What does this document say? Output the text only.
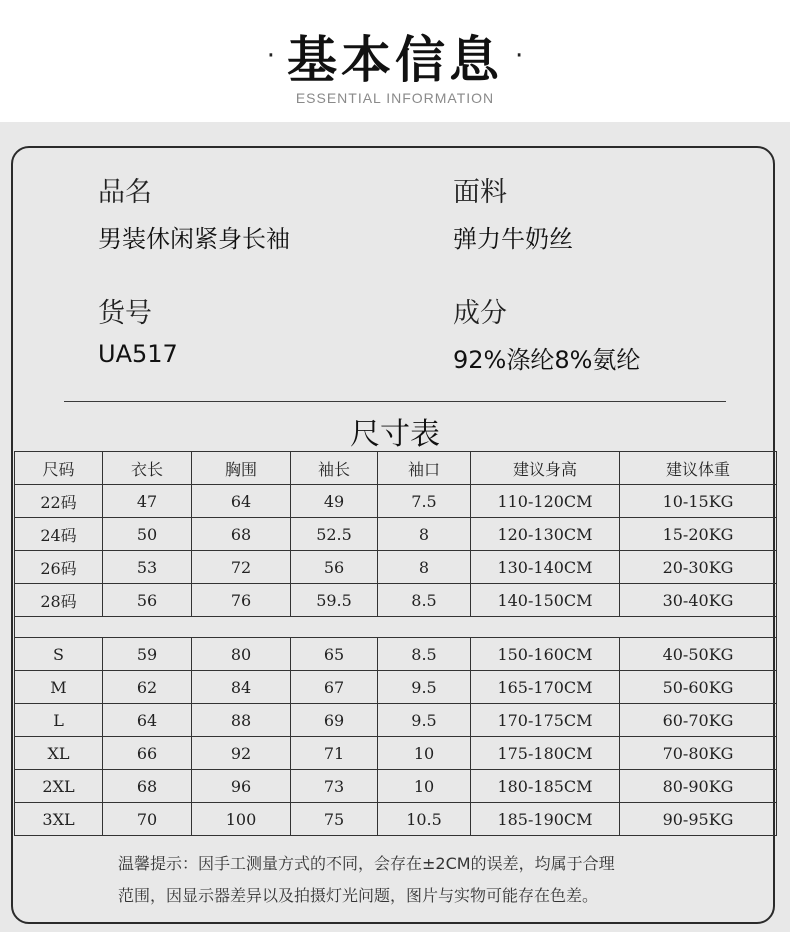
· 基本信息 ·
ESSENTIAL INFORMATION
品名
男装休闲紧身长袖
面料
弹力牛奶丝
货号
UA517
成分
92%涤纶8%氨纶
尺寸表
尺码	衣长	胸围	袖长	袖口	建议身高	建议体重
22码	47	64	49	7.5	110-120CM	10-15KG
24码	50	68	52.5	8	120-130CM	15-20KG
26码	53	72	56	8	130-140CM	20-30KG
28码	56	76	59.5	8.5	140-150CM	30-40KG

S	59	80	65	8.5	150-160CM	40-50KG
M	62	84	67	9.5	165-170CM	50-60KG
L	64	88	69	9.5	170-175CM	60-70KG
XL	66	92	71	10	175-180CM	70-80KG
2XL	68	96	73	10	180-185CM	80-90KG
3XL	70	100	75	10.5	185-190CM	90-95KG
温馨提示：因手工测量方式的不同，会存在±2CM的误差，均属于合理
范围，因显示器差异以及拍摄灯光问题，图片与实物可能存在色差。
